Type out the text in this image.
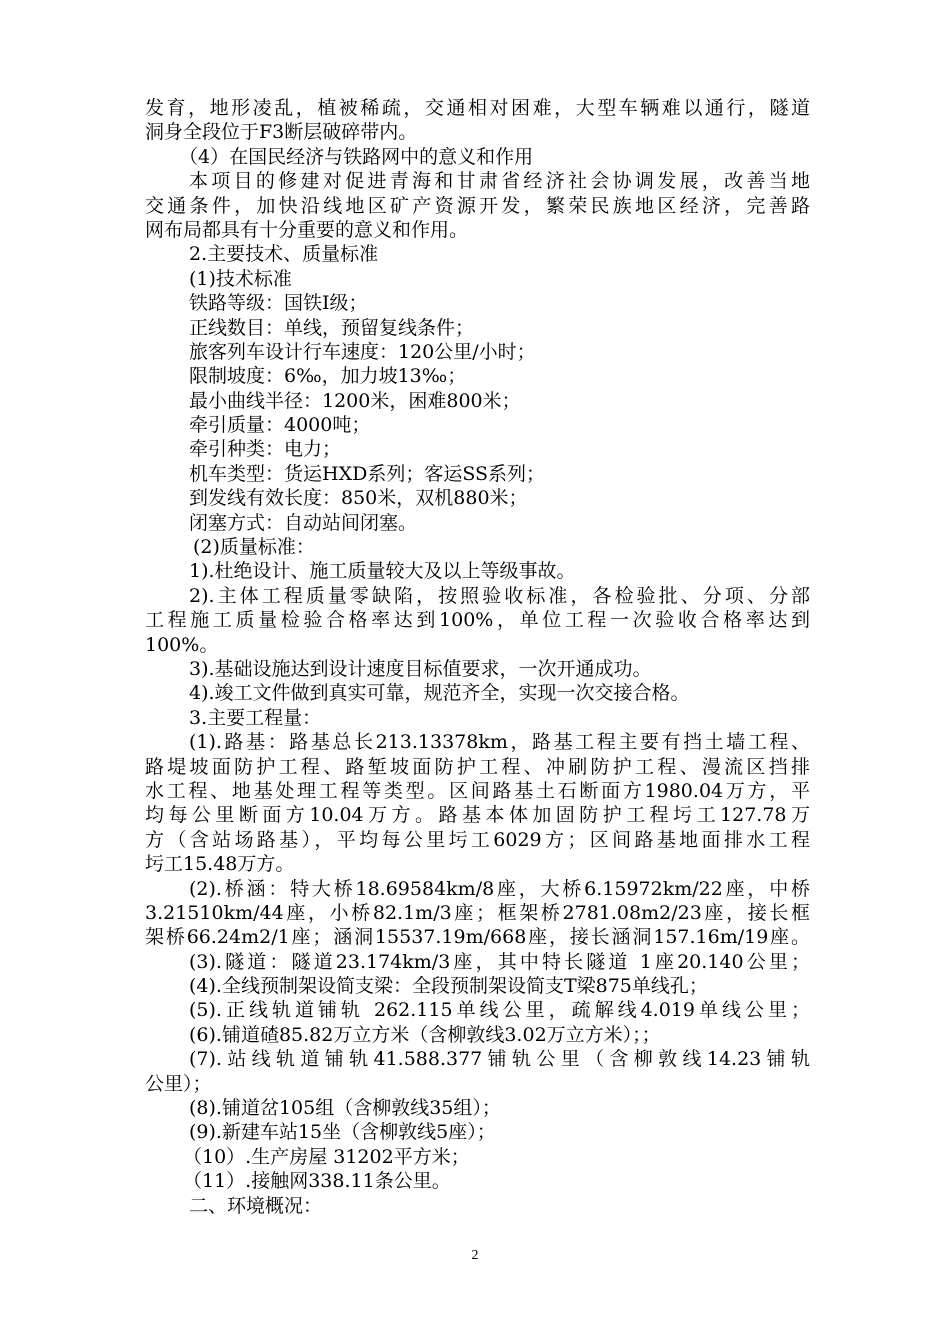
发育，地形凌乱，植被稀疏，交通相对困难，大型车辆难以通行，隧道
洞身全段位于F3断层破碎带内。
（4）在国民经济与铁路网中的意义和作用
本项目的修建对促进青海和甘肃省经济社会协调发展，改善当地
交通条件，加快沿线地区矿产资源开发，繁荣民族地区经济，完善路
网布局都具有十分重要的意义和作用。
2.主要技术、质量标准
(1)技术标准
铁路等级：国铁Ⅰ级；
正线数目：单线，预留复线条件；
旅客列车设计行车速度：120公里/小时；
限制坡度：6‰，加力坡13‰；
最小曲线半径：1200米，困难800米；
牵引质量：4000吨；
牵引种类：电力；
机车类型：货运HXD系列；客运SS系列；
到发线有效长度：850米，双机880米；
闭塞方式：自动站间闭塞。
(2)质量标准：
1).杜绝设计、施工质量较大及以上等级事故。
2).主体工程质量零缺陷，按照验收标准，各检验批、分项、分部
工程施工质量检验合格率达到100%，单位工程一次验收合格率达到
100%。
3).基础设施达到设计速度目标值要求，一次开通成功。
4).竣工文件做到真实可靠，规范齐全，实现一次交接合格。
3.主要工程量：
(1).路基：路基总长213.13378km，路基工程主要有挡土墙工程、
路堤坡面防护工程、路堑坡面防护工程、冲刷防护工程、漫流区挡排
水工程、地基处理工程等类型。区间路基土石断面方1980.04万方，平
均每公里断面方10.04万方。路基本体加固防护工程圬工127.78万
方（含站场路基），平均每公里圬工6029方；区间路基地面排水工程
圬工15.48万方。
(2).桥涵：特大桥18.69584km/8座，大桥6.15972km/22座，中桥
3.21510km/44座，小桥82.1m/3座；框架桥2781.08m2/23座，接长框
架桥66.24m2/1座；涵洞15537.19m/668座，接长涵洞157.16m/19座。
(3).隧道：隧道23.174km/3座，其中特长隧道 1座20.140公里；
(4).全线预制架设简支梁：全段预制架设简支T梁875单线孔；
(5).正线轨道铺轨 262.115单线公里，疏解线4.019单线公里；
(6).铺道碴85.82万立方米（含柳敦线3.02万立方米）；；
(7).站线轨道铺轨41.588.377铺轨公里（含柳敦线14.23铺轨
公里）；
(8).铺道岔105组（含柳敦线35组）；
(9).新建车站15坐（含柳敦线5座）；
（10）.生产房屋 31202平方米；
（11）.接触网338.11条公里。
二、环境概况：
2
